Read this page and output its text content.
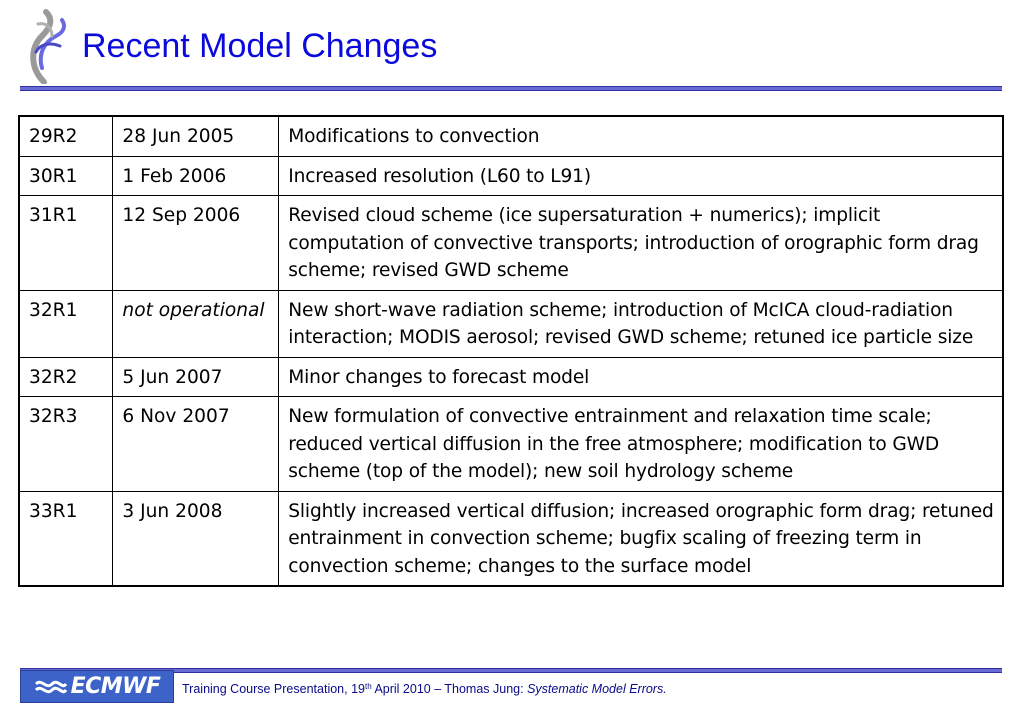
Recent Model Changes
29R2	28 Jun 2005	Modifications to convection
30R1	1 Feb 2006	Increased resolution (L60 to L91)
31R1	12 Sep 2006	Revised cloud scheme (ice supersaturation + numerics); implicit computation of convective transports; introduction of orographic form drag scheme; revised GWD scheme
32R1	not operational	New short-wave radiation scheme; introduction of McICA cloud-radiation interaction; MODIS aerosol; revised GWD scheme; retuned ice particle size
32R2	5 Jun 2007	Minor changes to forecast model
32R3	6 Nov 2007	New formulation of convective entrainment and relaxation time scale; reduced vertical diffusion in the free atmosphere; modification to GWD scheme (top of the model); new soil hydrology scheme
33R1	3 Jun 2008	Slightly increased vertical diffusion; increased orographic form drag; retuned entrainment in convection scheme; bugfix scaling of freezing term in convection scheme; changes to the surface model
ECMWF Training Course Presentation, 19th April 2010 – Thomas Jung: Systematic Model Errors.
